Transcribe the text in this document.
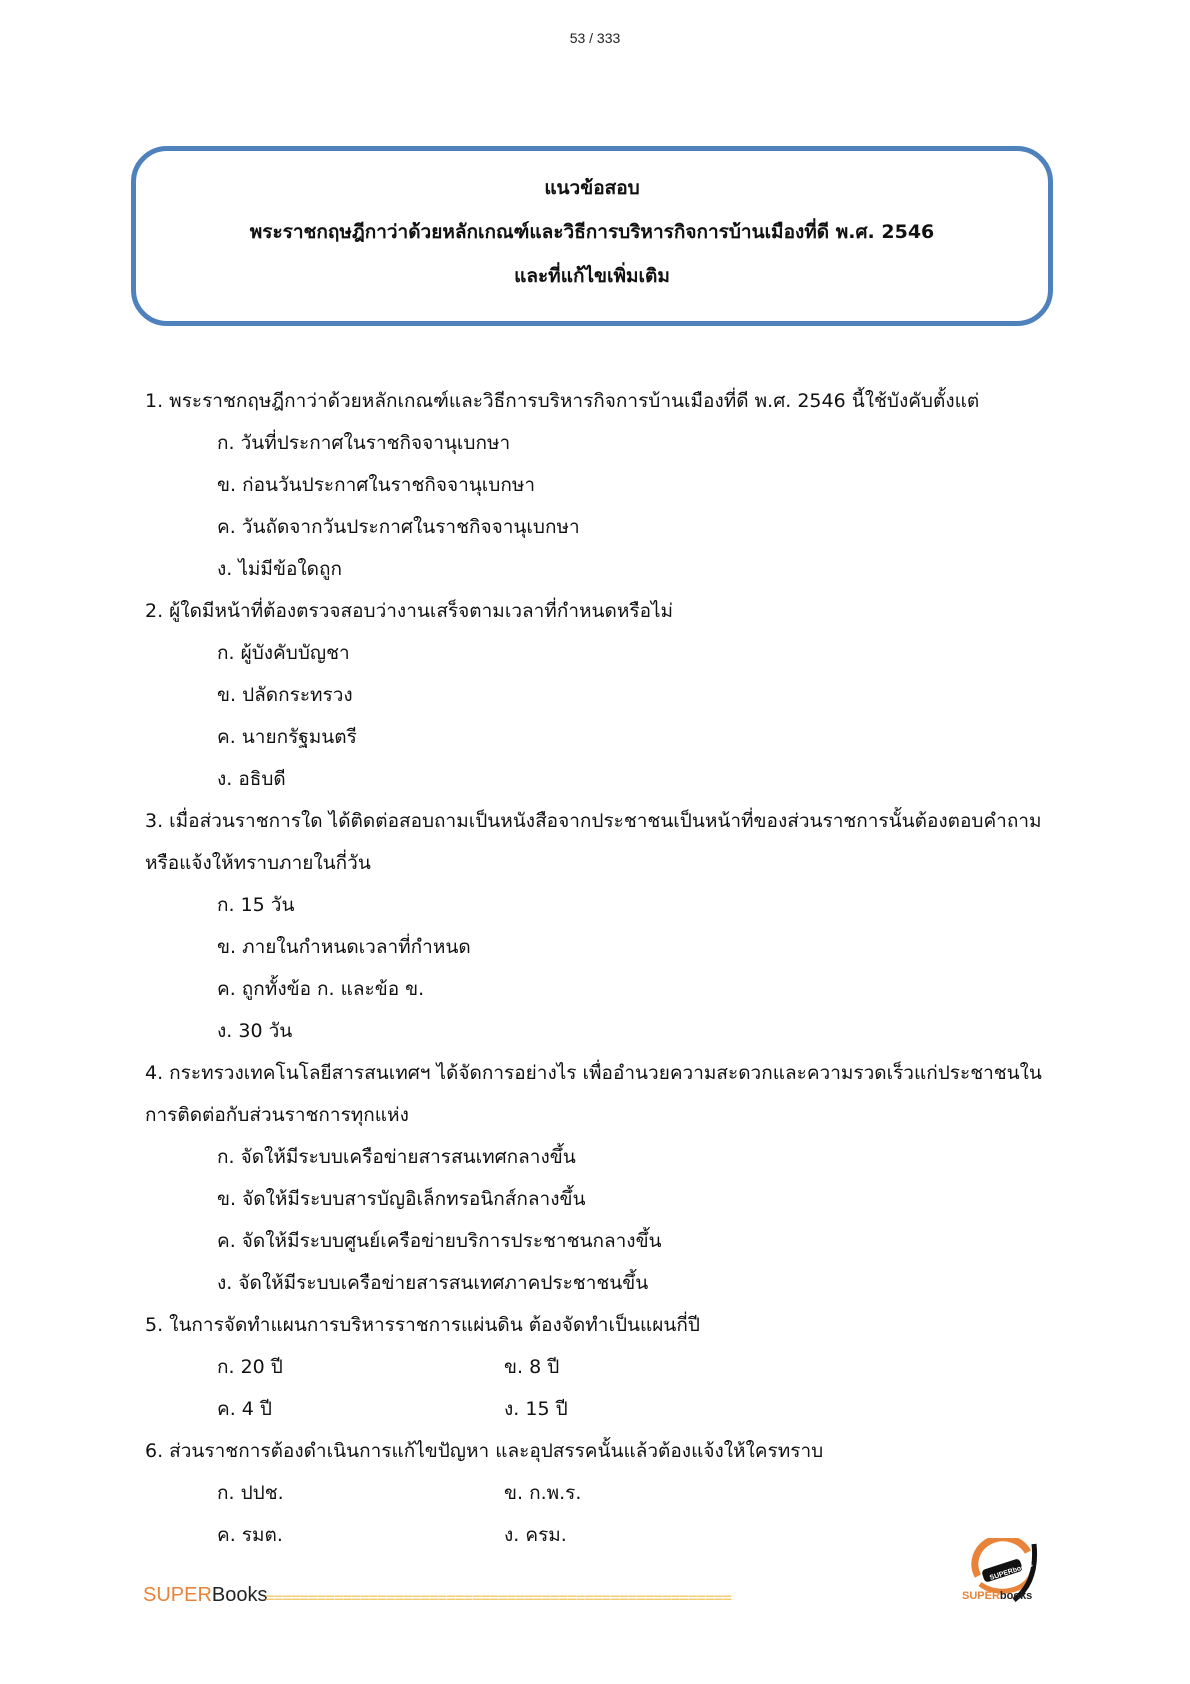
53 / 333
แนวข้อสอบ
พระราชกฤษฎีกาว่าด้วยหลักเกณฑ์และวิธีการบริหารกิจการบ้านเมืองที่ดี พ.ศ. 2546
และที่แก้ไขเพิ่มเติม

1. พระราชกฤษฎีกาว่าด้วยหลักเกณฑ์และวิธีการบริหารกิจการบ้านเมืองที่ดี พ.ศ. 2546 นี้ใช้บังคับตั้งแต่

ก. วันที่ประกาศในราชกิจจานุเบกษา
ข. ก่อนวันประกาศในราชกิจจานุเบกษา
ค. วันถัดจากวันประกาศในราชกิจจานุเบกษา
ง. ไม่มีข้อใดถูก

2. ผู้ใดมีหน้าที่ต้องตรวจสอบว่างานเสร็จตามเวลาที่กำหนดหรือไม่

ก. ผู้บังคับบัญชา
ข. ปลัดกระทรวง
ค. นายกรัฐมนตรี
ง. อธิบดี

3. เมื่อส่วนราชการใด ได้ติดต่อสอบถามเป็นหนังสือจากประชาชนเป็นหน้าที่ของส่วนราชการนั้นต้องตอบคำถาม

หรือแจ้งให้ทราบภายในกี่วัน

ก. 15 วัน
ข. ภายในกำหนดเวลาที่กำหนด
ค. ถูกทั้งข้อ ก. และข้อ ข.
ง. 30 วัน

4. กระทรวงเทคโนโลยีสารสนเทศฯ ได้จัดการอย่างไร เพื่ออำนวยความสะดวกและความรวดเร็วแก่ประชาชนใน

การติดต่อกับส่วนราชการทุกแห่ง

ก. จัดให้มีระบบเครือข่ายสารสนเทศกลางขึ้น
ข. จัดให้มีระบบสารบัญอิเล็กทรอนิกส์กลางขึ้น
ค. จัดให้มีระบบศูนย์เครือข่ายบริการประชาชนกลางขึ้น
ง. จัดให้มีระบบเครือข่ายสารสนเทศภาคประชาชนขึ้น

5. ในการจัดทำแผนการบริหารราชการแผ่นดิน ต้องจัดทำเป็นแผนกี่ปี

ก. 20 ปี	ข. 8 ปี
ค. 4 ปี	ง. 15 ปี

6. ส่วนราชการต้องดำเนินการแก้ไขปัญหา และอุปสรรคนั้นแล้วต้องแจ้งให้ใครทราบ

ก. ปปช.	ข. ก.พ.ร.
ค. รมต.	ง. ครม.
SUPERbooks
SUPERBooks
======================================================	SUPERbooks
